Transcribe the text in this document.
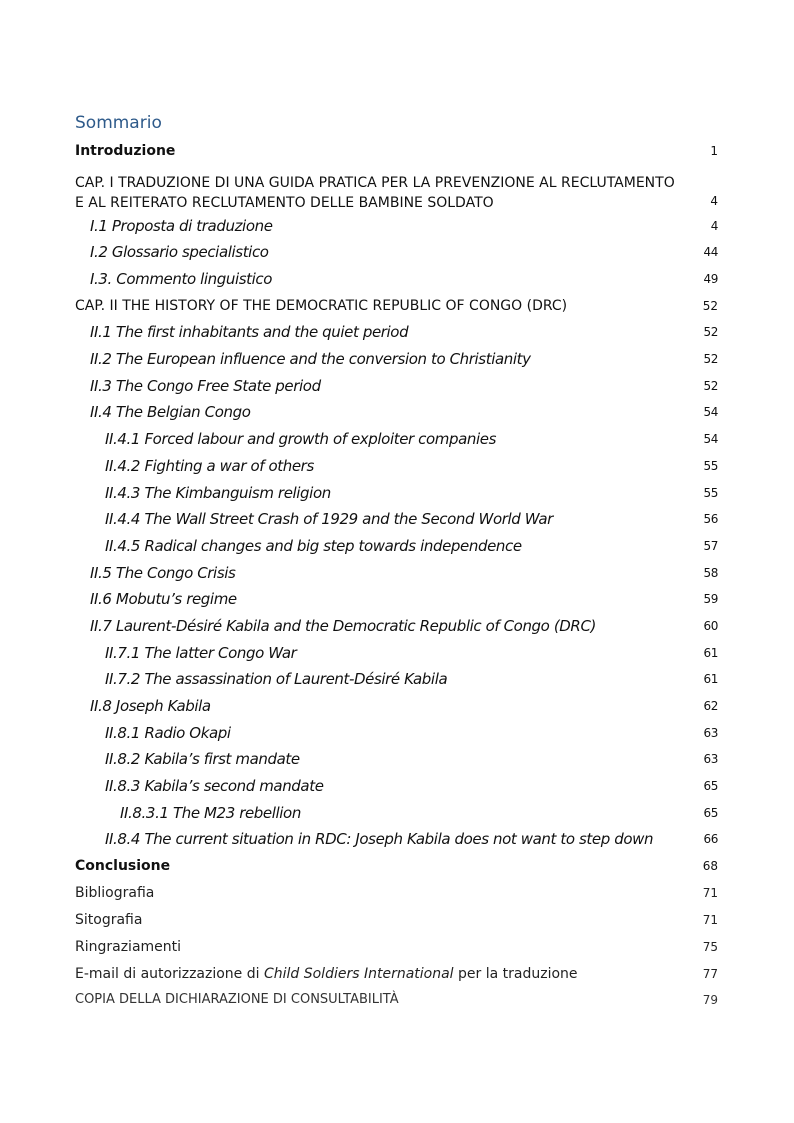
Sommario
Introduzione	1
CAP. I TRADUZIONE DI UNA GUIDA PRATICA PER LA PREVENZIONE AL RECLUTAMENTO E AL REITERATO RECLUTAMENTO DELLE BAMBINE SOLDATO	4
I.1 Proposta di traduzione	4
I.2 Glossario specialistico	44
I.3. Commento linguistico	49
CAP. II THE HISTORY OF THE DEMOCRATIC REPUBLIC OF CONGO (DRC)	52
II.1 The first inhabitants and the quiet period	52
II.2 The European influence and the conversion to Christianity	52
II.3 The Congo Free State period	52
II.4 The Belgian Congo	54
II.4.1 Forced labour and growth of exploiter companies	54
II.4.2 Fighting a war of others	55
II.4.3 The Kimbanguism religion	55
II.4.4 The Wall Street Crash of 1929 and the Second World War	56
II.4.5 Radical changes and big step towards independence	57
II.5 The Congo Crisis	58
II.6 Mobutu’s regime	59
II.7 Laurent-Désiré Kabila and the Democratic Republic of Congo (DRC)	60
II.7.1 The latter Congo War	61
II.7.2 The assassination of Laurent-Désiré Kabila	61
II.8 Joseph Kabila	62
II.8.1 Radio Okapi	63
II.8.2 Kabila’s first mandate	63
II.8.3 Kabila’s second mandate	65
II.8.3.1 The M23 rebellion	65
II.8.4 The current situation in RDC: Joseph Kabila does not want to step down	66
Conclusione	68
Bibliografia	71
Sitografia	71
Ringraziamenti	75
E-mail di autorizzazione di Child Soldiers International per la traduzione	77
COPIA DELLA DICHIARAZIONE DI CONSULTABILITÀ	79
